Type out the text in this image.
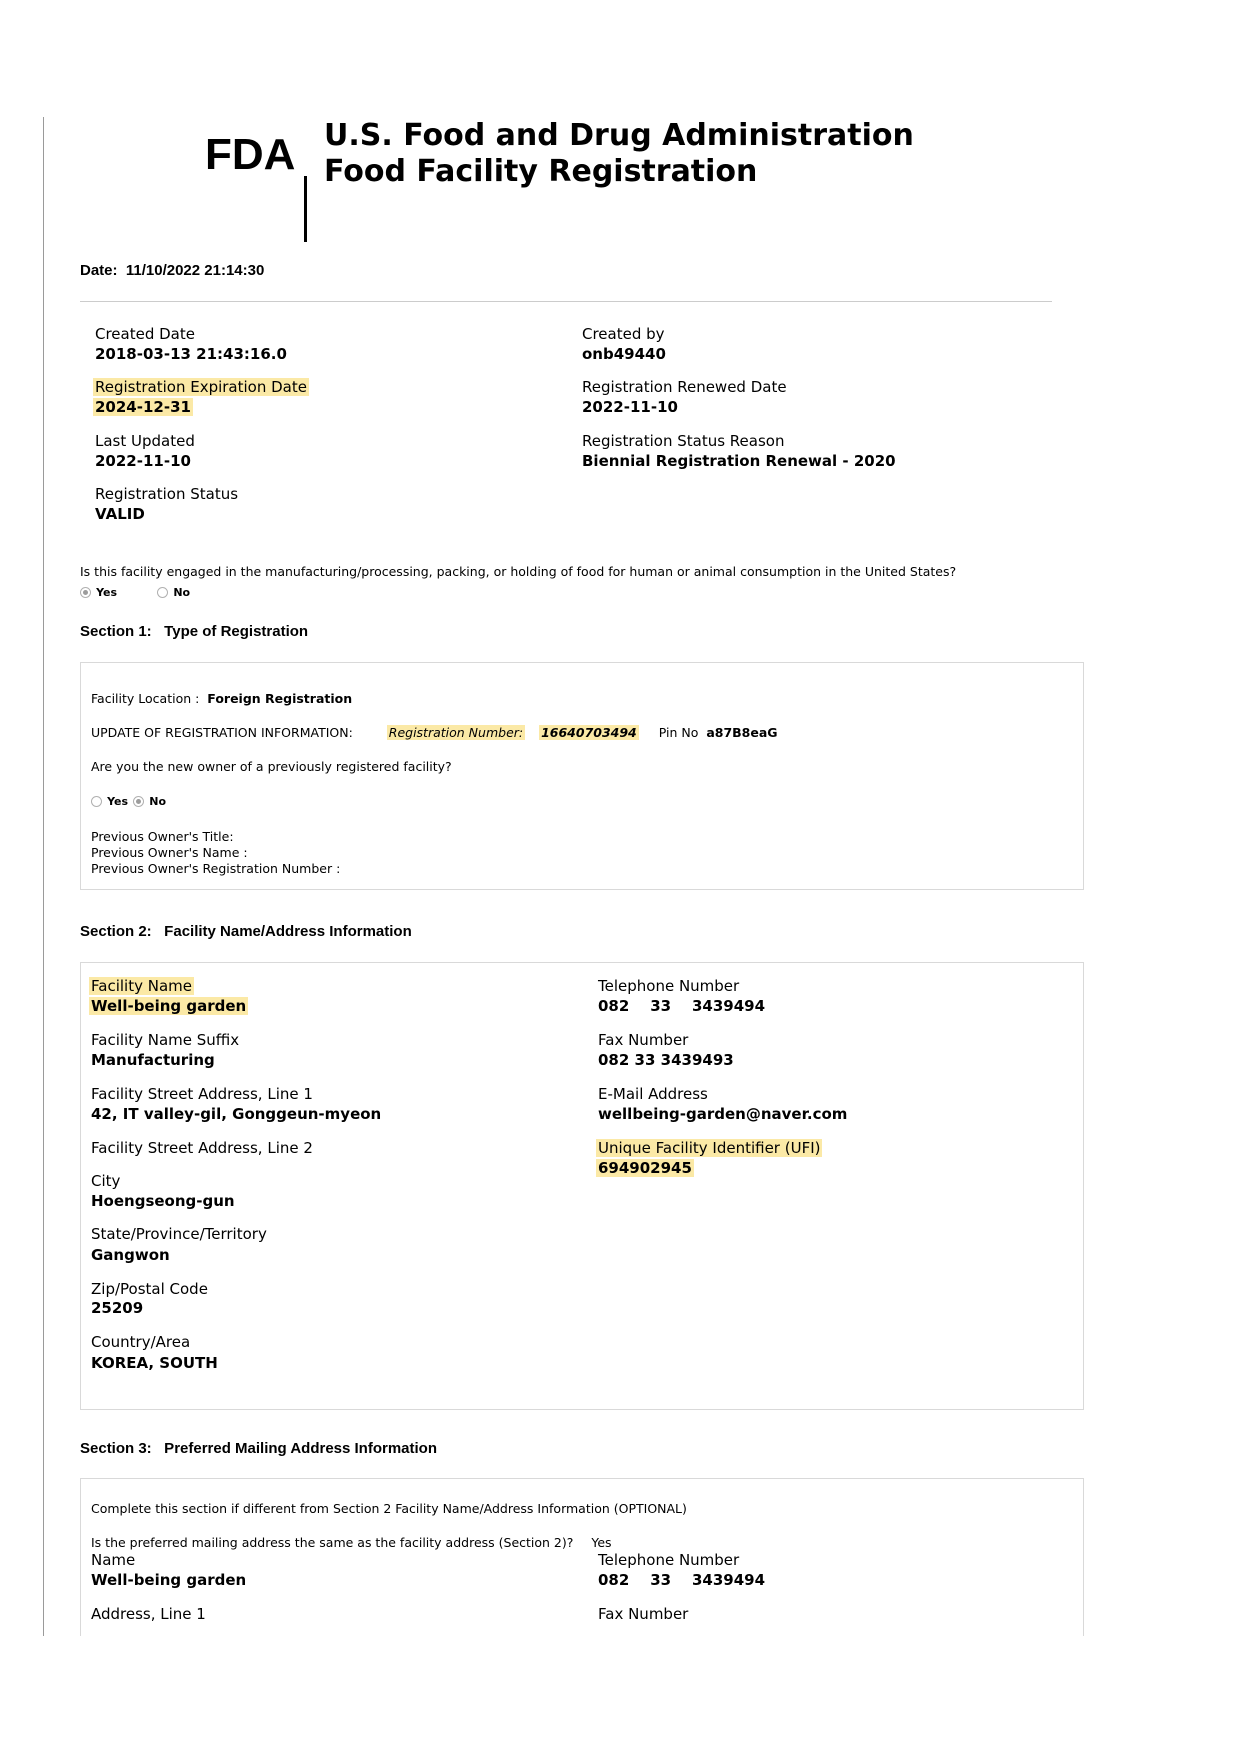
FDA U.S. Food and Drug Administration
Food Facility Registration
Date: 11/10/2022 21:14:30
Created Date
2018-03-13 21:43:16.0
Created by
onb49440
Registration Expiration Date
2024-12-31
Registration Renewed Date
2022-11-10
Last Updated
2022-11-10
Registration Status Reason
Biennial Registration Renewal - 2020
Registration Status
VALID
Is this facility engaged in the manufacturing/processing, packing, or holding of food for human or animal consumption in the United States?
Yes	No
Section 1:   Type of Registration
Facility Location : Foreign Registration
UPDATE OF REGISTRATION INFORMATION:	Registration Number: 16640703494 Pin No a87B8eaG
Are you the new owner of a previously registered facility?
Yes No
Previous Owner's Title:
Previous Owner's Name :
Previous Owner's Registration Number :
Section 2:   Facility Name/Address Information
Facility Name
Well-being garden
Facility Name Suffix
Manufacturing
Facility Street Address, Line 1
42, IT valley-gil, Gonggeun-myeon
Facility Street Address, Line 2
City
Hoengseong-gun
State/Province/Territory
Gangwon
Zip/Postal Code
25209
Country/Area
KOREA, SOUTH
Telephone Number
082    33    3439494
Fax Number
082 33 3439493
E-Mail Address
wellbeing-garden@naver.com
Unique Facility Identifier (UFI)
694902945
Section 3:   Preferred Mailing Address Information
Complete this section if different from Section 2 Facility Name/Address Information (OPTIONAL)
Is the preferred mailing address the same as the facility address (Section 2)? Yes
Name
Well-being garden
Address, Line 1
Telephone Number
082    33    3439494
Fax Number
